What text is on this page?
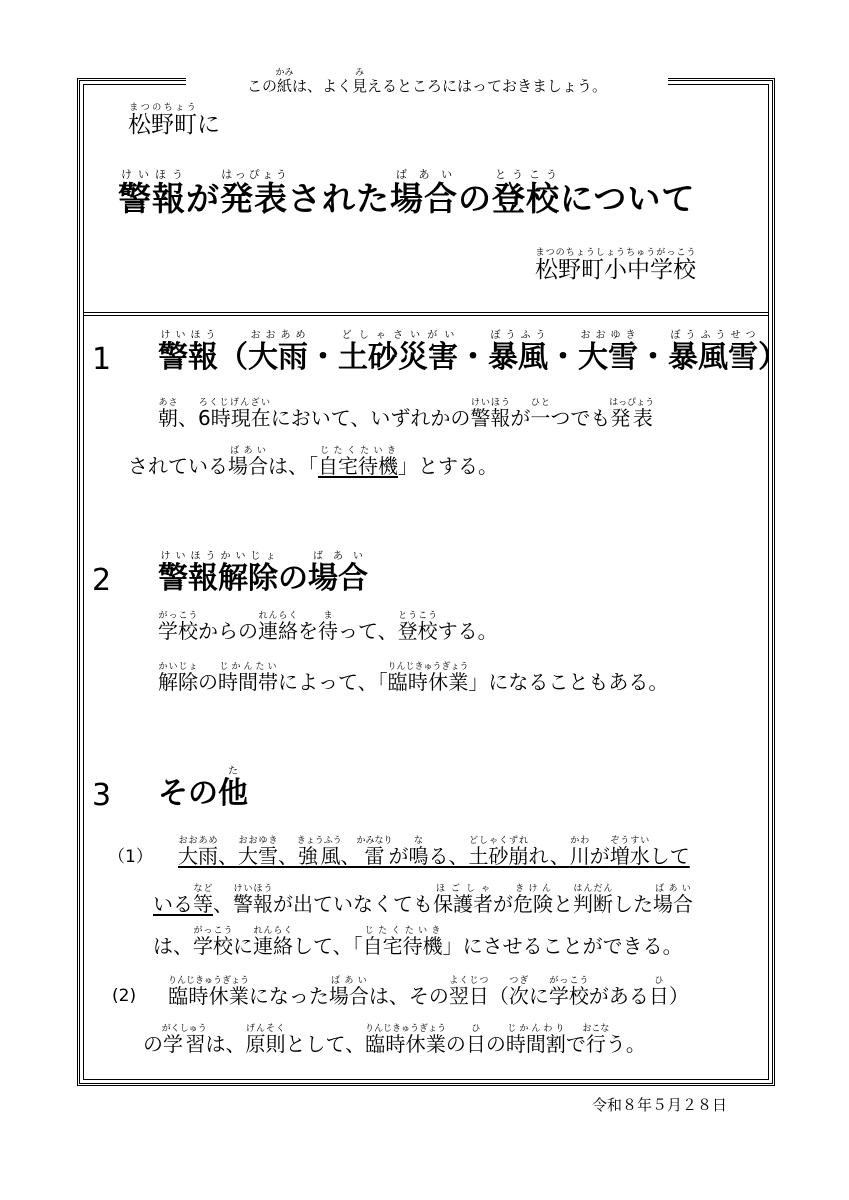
この紙かみは、よく見みえるところにはっておきましょう。
松野町まつのちょうに
警報けいほうが発表はっぴょうされた場合ばあいの登校とうこうについて
松野町小中学校まつのちょうしょうちゅうがっこう
1 警報けいほう（大雨おおあめ・土砂災害どしゃさいがい・暴風ぼうふう・大雪おおゆき・暴風雪ぼうふうせつ）
朝あさ、6時現在ろくじげんざいにおいて、いずれかの警報けいほうが一ひとつでも発表はっぴょう
されている場合ばあいは、「自宅待機じたくたいき」とする。
2 警報解除けいほうかいじょの場合ばあい
学校がっこうからの連絡れんらくを待まって、登校とうこうする。
解除かいじょの時間帯じかんたいによって、「臨時休業りんじきゅうぎょう」になることもある。
3 その他た
（1） 大雨おおあめ、大雪おおゆき、強風きょうふう、雷かみなりが鳴なる、土砂崩どしゃくずれれ、川かわが増水ぞうすいして
いる等など、警報けいほうが出ていなくても保護者ほごしゃが危険きけんと判断はんだんした場合ばあい
は、学校がっこうに連絡れんらくして、「自宅待機じたくたいき」にさせることができる。
(2) 臨時休業りんじきゅうぎょうになった場合ばあいは、その翌日よくじつ（次つぎに学校がっこうがある日ひ）
の学習がくしゅうは、原則げんそくとして、臨時休業りんじきゅうぎょうの日ひの時間割じかんわりで行おこなう。
令和８年５月２８日
